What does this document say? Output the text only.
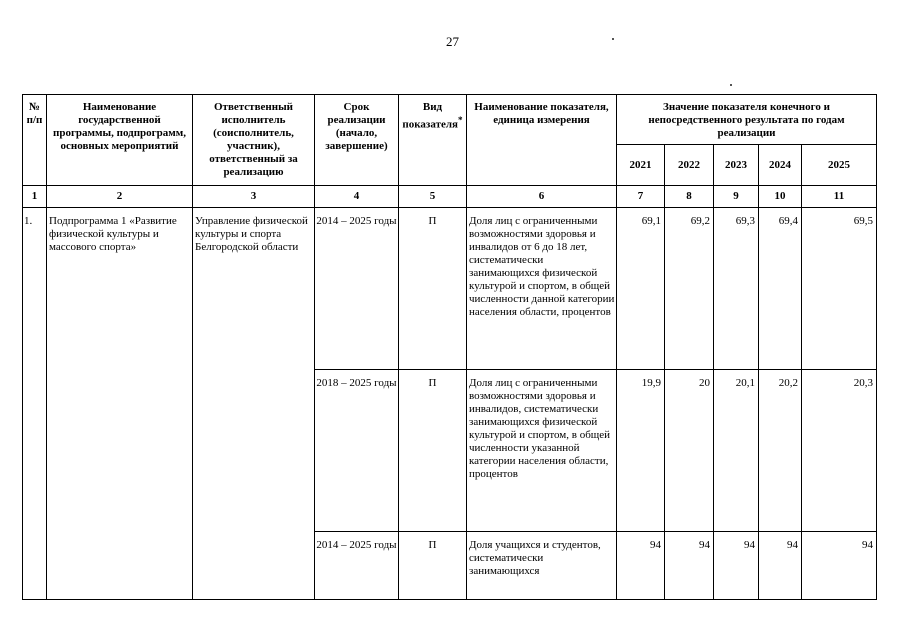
27
№ п/п	Наименование государственной программы, подпрограмм, основных мероприятий	Ответственный исполнитель (соисполнитель, участник), ответственный за реализацию	Срок реализации (начало, завершение)	Вид показателя*	Наименование показателя, единица измерения	Значение показателя конечного и непосредственного результата по годам реализации				
						2021	2022	2023	2024	2025
1	2	3	4	5	6	7	8	9	10	11
1.	Подпрограмма 1 «Развитие физической культуры и массового спорта»	Управление физической культуры и спорта Белгородской области	2014 – 2025 годы	П	Доля лиц с ограниченными возможностями здоровья и инвалидов от 6 до 18 лет, систематически занимающихся физической культурой и спортом, в общей численности данной категории населения области, процентов	69,1	69,2	69,3	69,4	69,5
			2018 – 2025 годы	П	Доля лиц с ограниченными возможностями здоровья и инвалидов, систематически занимающихся физической культурой и спортом, в общей численности указанной категории населения области, процентов	19,9	20	20,1	20,2	20,3
			2014 – 2025 годы	П	Доля учащихся и студентов, систематически занимающихся	94	94	94	94	94
